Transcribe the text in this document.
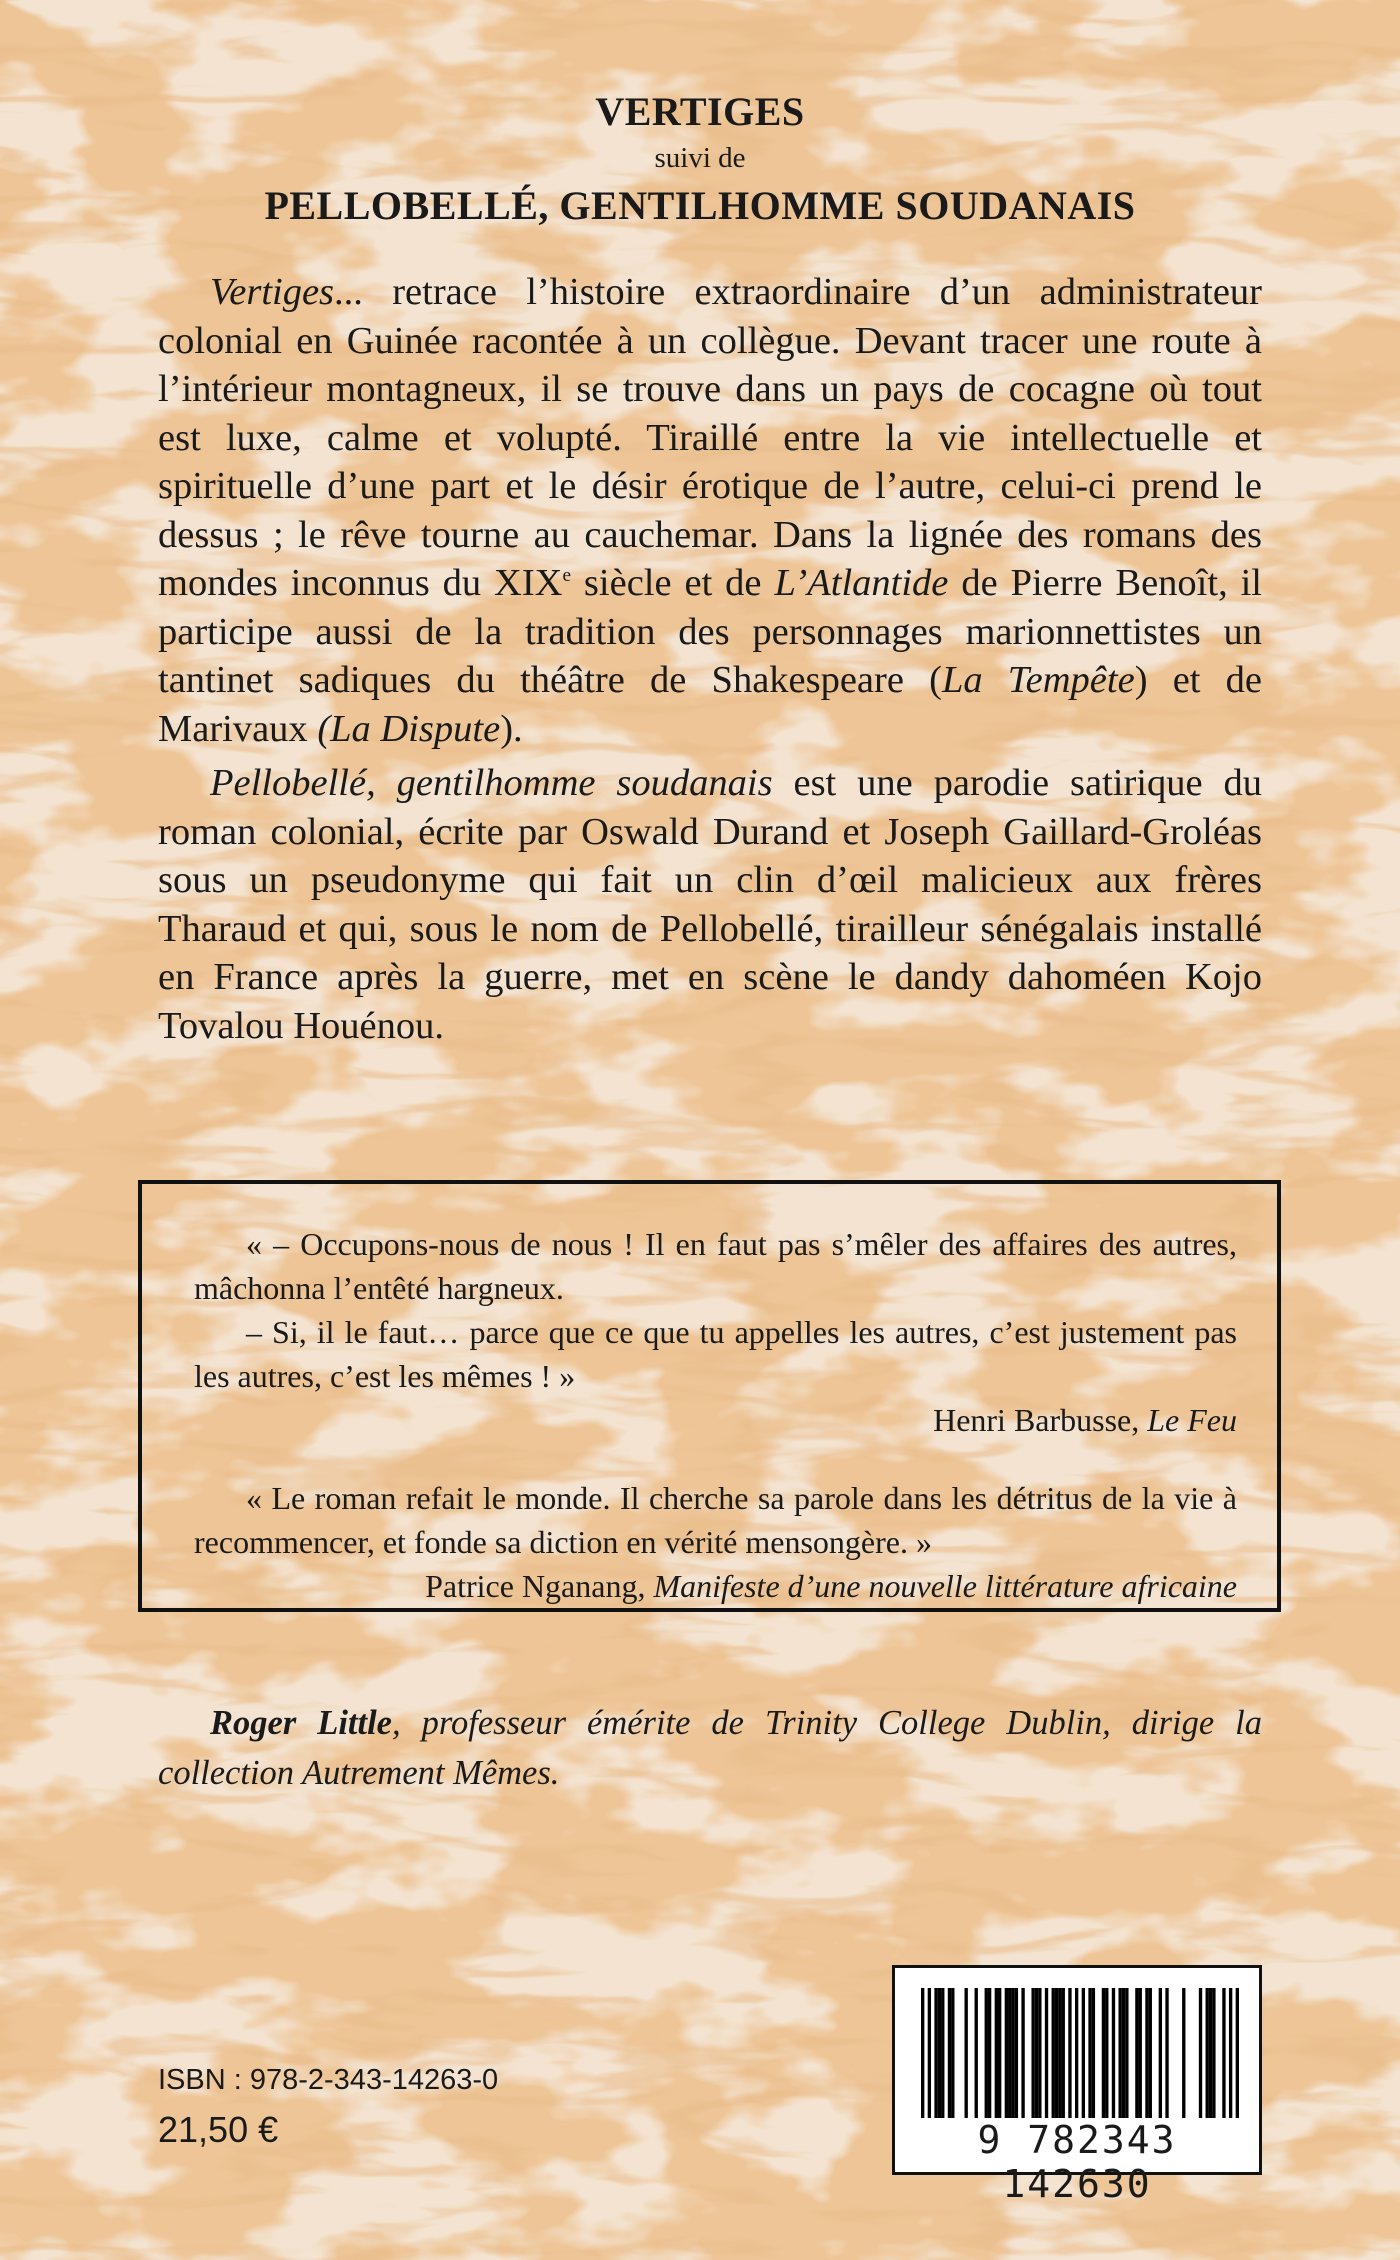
VERTIGES
suivi de
PELLOBELLÉ, GENTILHOMME SOUDANAIS

Vertiges... retrace l’histoire extraordinaire d’un administrateur colonial en Guinée racontée à un collègue. Devant tracer une route à l’intérieur montagneux, il se trouve dans un pays de cocagne où tout est luxe, calme et volupté. Tiraillé entre la vie intellectuelle et spirituelle d’une part et le désir érotique de l’autre, celui-ci prend le dessus ; le rêve tourne au cauchemar. Dans la lignée des romans des mondes inconnus du XIXe siècle et de L’Atlantide de Pierre Benoît, il participe aussi de la tradition des personnages marionnettistes un tantinet sadiques du théâtre de Shakespeare (La Tempête) et de Marivaux (La Dispute).

Pellobellé, gentilhomme soudanais est une parodie satirique du roman colonial, écrite par Oswald Durand et Joseph Gaillard-Groléas sous un pseudonyme qui fait un clin d’œil malicieux aux frères Tharaud et qui, sous le nom de Pellobellé, tirailleur sénégalais installé en France après la guerre, met en scène le dandy dahoméen Kojo Tovalou Houénou.

« – Occupons-nous de nous ! Il en faut pas s’mêler des affaires des autres, mâchonna l’entêté hargneux.

– Si, il le faut… parce que ce que tu appelles les autres, c’est justement pas les autres, c’est les mêmes ! »

Henri Barbusse, Le Feu

« Le roman refait le monde. Il cherche sa parole dans les détritus de la vie à recommencer, et fonde sa diction en vérité mensongère. »

Patrice Nganang, Manifeste d’une nouvelle littérature africaine

Roger Little, professeur émérite de Trinity College Dublin, dirige la collection Autrement Mêmes.

ISBN : 978-2-343-14263-0
21,50 €	9 782343 142630
